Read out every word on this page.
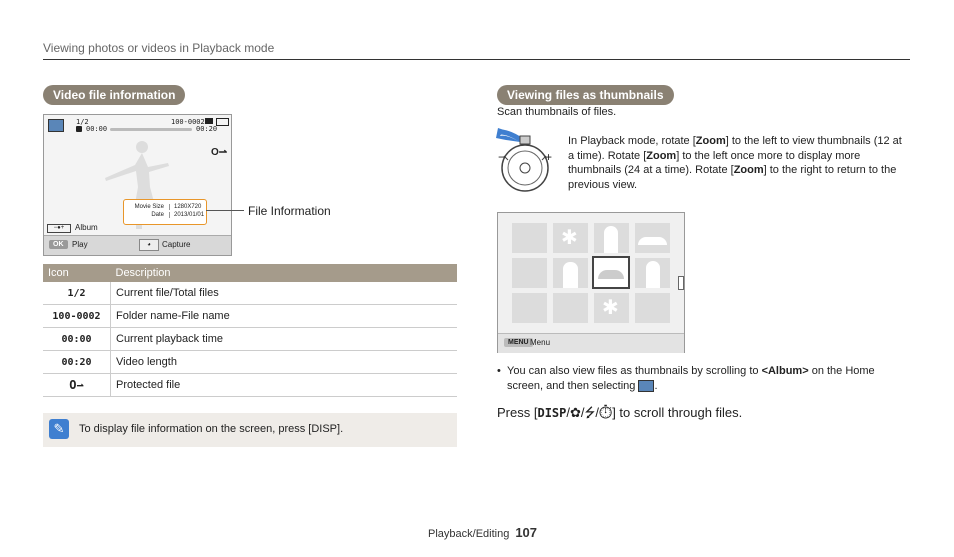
Viewing photos or videos in Playback mode
Video file information
1/2	100-0002
00:00	00:20
O⇀
Movie Size	1280X720
Date	2013/01/01
−●+	Album
OK	Play	◕	Capture
File Information
Icon	Description
1/2	Current file/Total files
100-0002	Folder name-File name
00:00	Current playback time
00:20	Video length
O⇀	Protected file
✎	To display file information on the screen, press [DISP].
Viewing files as thumbnails
Scan thumbnails of files.
−	+
In Playback mode, rotate [Zoom] to the left to view thumbnails (12 at a time). Rotate [Zoom] to the left once more to display more thumbnails (24 at a time). Rotate [Zoom] to the right to return to the previous view.
✱
✱
MENU Menu
• You can also view files as thumbnails by scrolling to <Album> on the Home screen, and then selecting .
Press [DISP/✿/⭍/⏱] to scroll through files.
Playback/Editing 107
